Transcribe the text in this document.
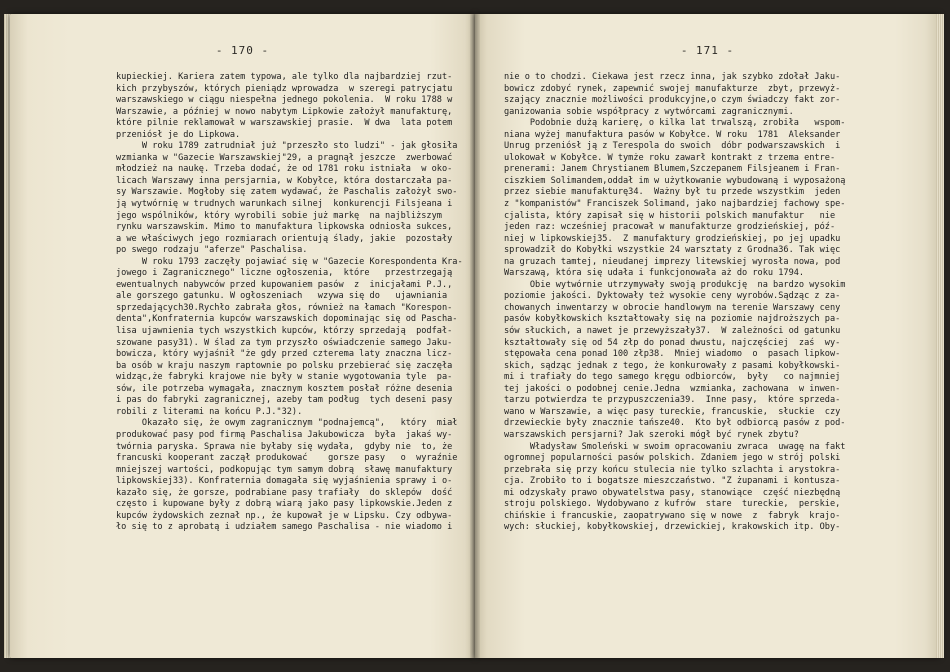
- 170 -
kupieckiej. Kariera zatem typowa, ale tylko dla najbardziej rzut-
kich przybyszów, których pieniądz wprowadza  w szeregi patrycjatu
warszawskiego w ciągu niespełna jednego pokolenia.  W roku 1788 w
Warszawie, a później w nowo nabytym Lipkowie założył manufakturę,
które pilnie reklamował w warszawskiej prasie.  W dwa  lata potem
przeniósł je do Lipkowa.
W roku 1789 zatrudniał już "przeszło sto ludzi" - jak głosiła
wzmianka w "Gazecie Warszawskiej"29, a pragnął jeszcze  zwerbować
młodzież na naukę. Trzeba dodać, że od 1781 roku istniała  w oko-
licach Warszawy inna persjarnia, w Kobyłce, która dostarczała pa-
sy Warszawie. Mogłoby się zatem wydawać, że Paschalis założył swo-
ją wytwórnię w trudnych warunkach silnej  konkurencji Filsjeana i
jego wspólników, który wyrobili sobie już markę  na najbliższym
rynku warszawskim. Mimo to manufaktura lipkowska odniosła sukces,
a we właściwych jego rozmiarach orientują ślady, jakie  pozostały
po swego rodzaju "aferze" Paschalisa.
W roku 1793 zaczęły pojawiać się w "Gazecie Korespondenta Kra-
jowego i Zagranicznego" liczne ogłoszenia,  które   przestrzegają
ewentualnych nabywców przed kupowaniem pasów  z  inicjałami P.J.,
ale gorszego gatunku. W ogłoszeniach   wzywa się do   ujawniania
sprzedających30.Rychło zabrała głos, również na łamach "Korespon-
denta",Konfraternia kupców warszawskich dopominając się od Pascha-
lisa ujawnienia tych wszystkich kupców, którzy sprzedają  podfał-
szowane pasy31). W ślad za tym przyszło oświadczenie samego Jaku-
bowicza, który wyjaśnił "że gdy przed czterema laty znaczna licz-
ba osób w kraju naszym raptownie po polsku przebierać się zaczęła
widząc,że fabryki krajowe nie były w stanie wygotowania tyle  pa-
sów, ile potrzeba wymagała, znacznym kosztem posłał różne desenia
i pas do fabryki zagranicznej, azeby tam podług  tych deseni pasy
robili z literami na końcu P.J."32).
Okazało się, że owym zagranicznym "podnajemcą",   który  miał
produkować pasy pod firmą Paschalisa Jakubowicza  była  jakaś wy-
twórnia paryska. Sprawa nie byłaby się wydała,  gdyby nie  to, że
francuski kooperant zaczął produkować    gorsze pasy   o  wyraźnie
mniejszej wartości, podkopując tym samym dobrą  sławę manufaktury
lipkowskiej33). Konfraternia domagała się wyjaśnienia sprawy i o-
kazało się, że gorsze, podrabiane pasy trafiały  do sklepów  dość
często i kupowane były z dobrą wiarą jako pasy lipkowskie.Jeden z
kupców żydowskich zeznał np., że kupował je w Lipsku. Czy odbywa-
ło się to z aprobatą i udziałem samego Paschalisa - nie wiadomo i
- 171 -
nie o to chodzi. Ciekawa jest rzecz inna, jak szybko zdołał Jaku-
bowicz zdobyć rynek, zapewnić swojej manufakturze  zbyt, przewyż-
szający znacznie możliwości produkcyjne,o czym świadczy fakt zor-
ganizowania sobie współpracy z wytwórcami zagranicznymi.
Podobnie dużą karierę, o kilka lat trwalszą, zrobiła   wspom-
niana wyżej manufaktura pasów w Kobyłce. W roku  1781  Aleksander
Unrug przeniósł ją z Terespola do swoich  dóbr podwarszawskich  i
ulokował w Kobyłce. W tymże roku zawarł kontrakt z trzema entre-
prenerami: Janem Chrystianem Blumem,Szczepanem Filsjeanem i Fran-
ciszkiem Solimandem,oddał im w użytkowanie wybudowaną i wyposażoną
przez siebie manufakturę34.  Ważny był tu przede wszystkim  jeden
z "kompanistów" Franciszek Solimand, jako najbardziej fachowy spe-
cjalista, który zapisał się w historii polskich manufaktur   nie
jeden raz: wcześniej pracował w manufakturze grodzieńskiej, póź-
niej w lipkowskiej35.  Z manufaktury grodzieńskiej, po jej upadku
sprowadził do Kobyłki wszystkie 24 warsztaty z Grodna36. Tak więc
na gruzach tamtej, nieudanej imprezy litewskiej wyrosła nowa, pod
Warszawą, która się udała i funkcjonowała aż do roku 1794.
Obie wytwórnie utrzymywały swoją produkcję  na bardzo wysokim
poziomie jakości. Dyktowały też wysokie ceny wyrobów.Sądząc z za-
chowanych inwentarzy w obrocie handlowym na terenie Warszawy ceny
pasów kobyłkowskich kształtowały się na poziomie najdroższych pa-
sów słuckich, a nawet je przewyższały37.  W zależności od gatunku
kształtowały się od 54 złp do ponad dwustu, najczęściej  zaś  wy-
stępowała cena ponad 100 złp38.  Mniej wiadomo  o  pasach lipkow-
skich, sądząc jednak z tego, że konkurowały z pasami kobyłkowski-
mi i trafiały do tego samego kręgu odbiorców,  były   co najmniej
tej jakości o podobnej cenie.Jedna  wzmianka, zachowana  w inwen-
tarzu potwierdza te przypuszczenia39.  Inne pasy,  które sprzeda-
wano w Warszawie, a więc pasy tureckie, francuskie,  słuckie  czy
drzewieckie były znacznie tańsze40.  Kto był odbiorcą pasów z pod-
warszawskich persjarni? Jak szeroki mógł być rynek zbytu?
Władysław Smoleński w swoim opracowaniu zwraca  uwagę na fakt
ogromnej popularności pasów polskich. Zdaniem jego w strój polski
przebrała się przy końcu stulecia nie tylko szlachta i arystokra-
cja. Zrobiło to i bogatsze mieszczaństwo. "Z żupanami i kontusza-
mi odzyskały prawo obywatelstwa pasy, stanowiące  część niezbędną
stroju polskiego. Wydobywano z kufrów  stare  tureckie,  perskie,
chińskie i francuskie, zaopatrywano się w nowe  z  fabryk  krajo-
wych: słuckiej, kobyłkowskiej, drzewickiej, krakowskich itp. Oby-
